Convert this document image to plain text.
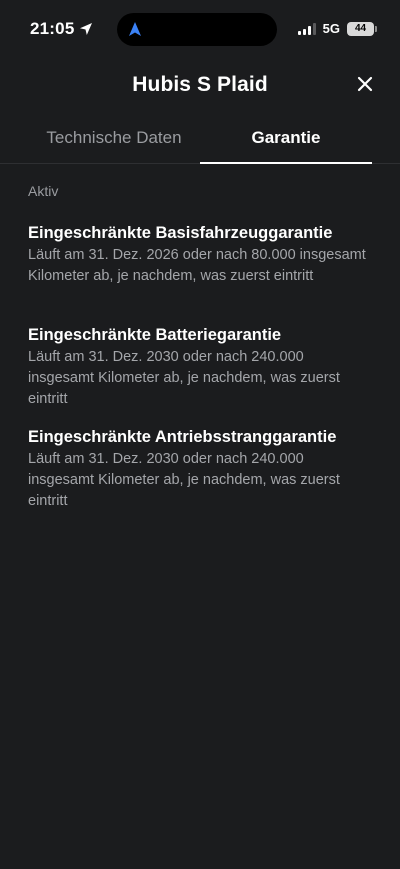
21:05	5G 44
Hubis S Plaid
Technische Daten	Garantie
Aktiv
Eingeschränkte Basisfahrzeuggarantie
Läuft am 31. Dez. 2026 oder nach 80.000 insgesamt Kilometer ab, je nachdem, was zuerst eintritt
Eingeschränkte Batteriegarantie
Läuft am 31. Dez. 2030 oder nach 240.000 insgesamt Kilometer ab, je nachdem, was zuerst eintritt
Eingeschränkte Antriebsstranggarantie
Läuft am 31. Dez. 2030 oder nach 240.000 insgesamt Kilometer ab, je nachdem, was zuerst eintritt
